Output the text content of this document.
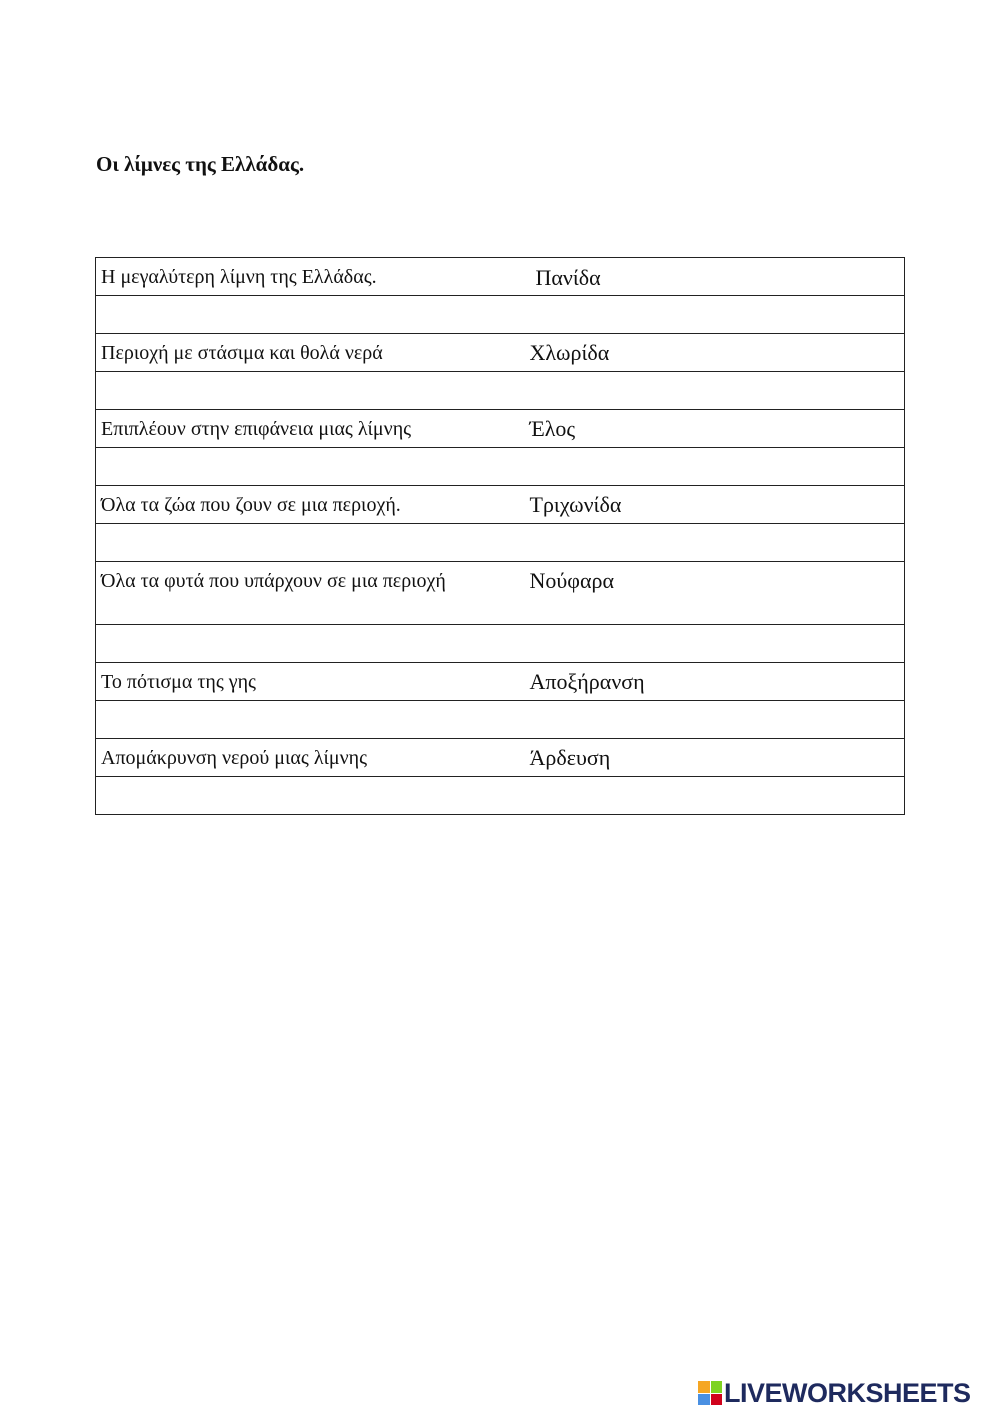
Οι λίμνες της Ελλάδας.
Η μεγαλύτερη λίμνη της Ελλάδας.	Πανίδα

Περιοχή με στάσιμα και θολά νερά	Χλωρίδα

Επιπλέουν στην επιφάνεια μιας λίμνης	Έλος

Όλα τα ζώα που ζουν σε μια περιοχή.	Τριχωνίδα

Όλα τα φυτά που υπάρχουν σε μια περιοχή	Νούφαρα

Το πότισμα της γης	Αποξήρανση

Απομάκρυνση νερού μιας λίμνης	Άρδευση

LIVEWORKSHEETS
